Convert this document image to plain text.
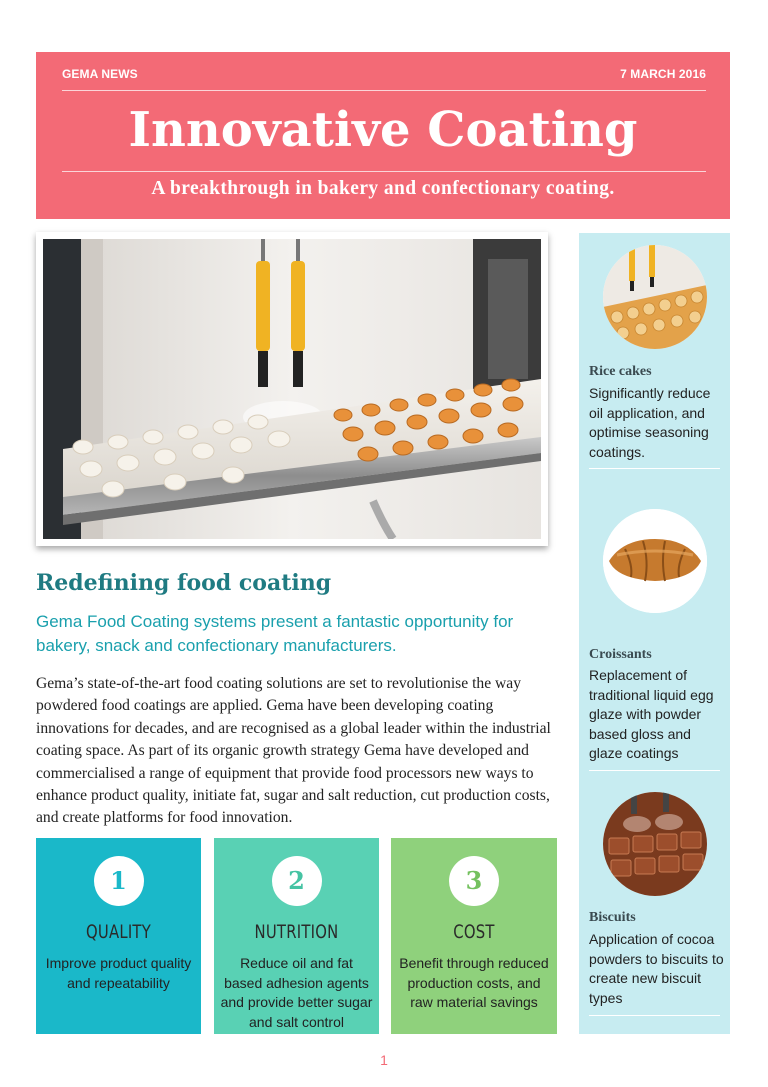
GEMA NEWS	7 MARCH 2016
Innovative Coating
A breakthrough in bakery and confectionary coating.
Redefining food coating
Gema Food Coating systems present a fantastic opportunity for bakery, snack and confectionary manufacturers.
Gema’s state-of-the-art food coating solutions are set to revolutionise the way powdered food coatings are applied. Gema have been developing coating innovations for decades, and are recognised as a global leader within the industrial coating space. As part of its organic growth strategy Gema have developed and commercialised a range of equipment that provide food processors new ways to enhance product quality, initiate fat, sugar and salt reduction, cut production costs, and create platforms for food innovation.
1
QUALITY
Improve product quality and repeatability
2
NUTRITION
Reduce oil and fat based adhesion agents and provide better sugar and salt control
3
COST
Benefit through reduced production costs, and raw material savings
Rice cakes
Significantly reduce oil application, and optimise seasoning coatings.
Croissants
Replacement of traditional liquid egg glaze with powder based gloss and glaze coatings
Biscuits
Application of cocoa powders to biscuits to create new biscuit types
1
